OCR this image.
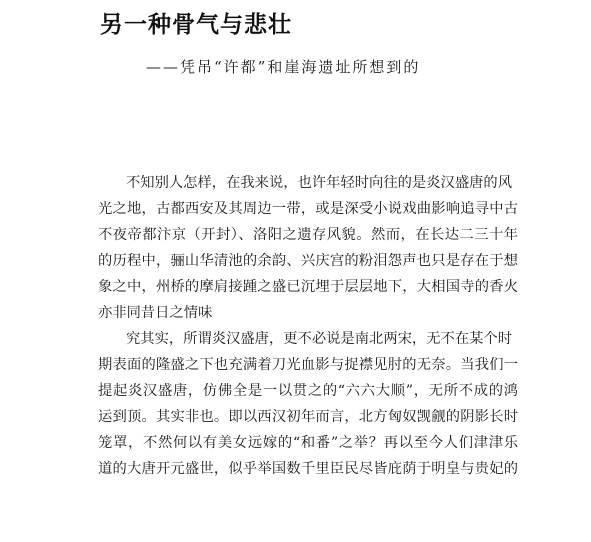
另一种骨气与悲壮
——凭吊“许都”和崖海遗址所想到的
不知别人怎样，在我来说，也许年轻时向往的是炎汉盛唐的风
光之地，古都西安及其周边一带，或是深受小说戏曲影响追寻中古
不夜帝都汴京（开封）、洛阳之遗存风貌。然而，在长达二三十年
的历程中，骊山华清池的余韵、兴庆宫的粉泪怨声也只是存在于想
象之中，州桥的摩肩接踵之盛已沉埋于层层地下，大相国寺的香火
亦非同昔日之情味
究其实，所谓炎汉盛唐，更不必说是南北两宋，无不在某个时
期表面的隆盛之下也充满着刀光血影与捉襟见肘的无奈。当我们一
提起炎汉盛唐，仿佛全是一以贯之的“六六大顺”，无所不成的鸿
运到顶。其实非也。即以西汉初年而言，北方匈奴觊觎的阴影长时
笼罩，不然何以有美女远嫁的“和番”之举？再以至今人们津津乐
道的大唐开元盛世，似乎举国数千里臣民尽皆庇荫于明皇与贵妃的
